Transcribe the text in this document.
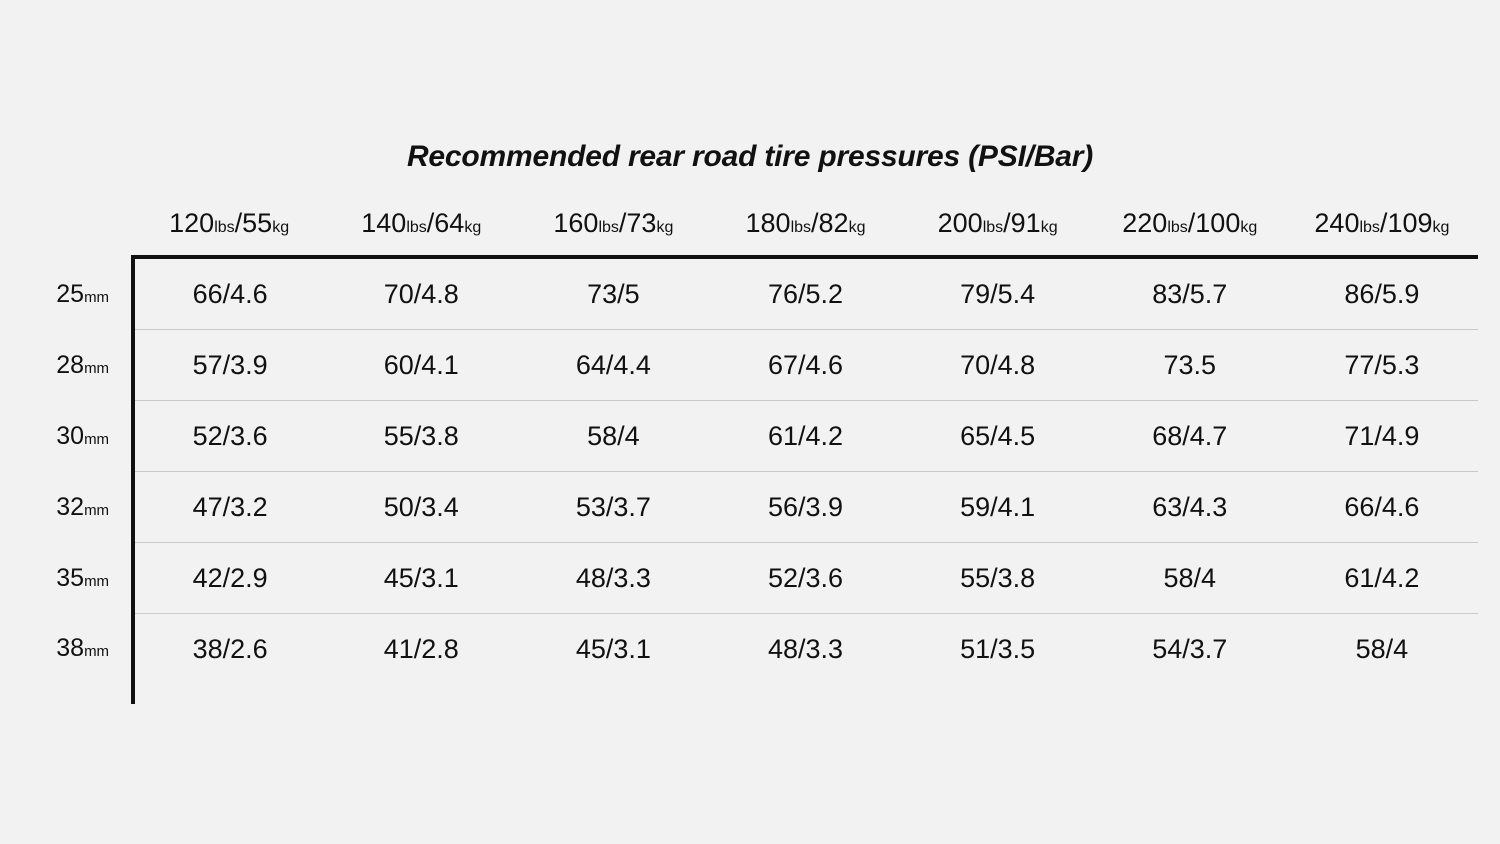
Recommended rear road tire pressures (PSI/Bar)
	120lbs/55kg	140lbs/64kg	160lbs/73kg	180lbs/82kg	200lbs/91kg	220lbs/100kg	240lbs/109kg
25mm	66/4.6	70/4.8	73/5	76/5.2	79/5.4	83/5.7	86/5.9
28mm	57/3.9	60/4.1	64/4.4	67/4.6	70/4.8	73.5	77/5.3
30mm	52/3.6	55/3.8	58/4	61/4.2	65/4.5	68/4.7	71/4.9
32mm	47/3.2	50/3.4	53/3.7	56/3.9	59/4.1	63/4.3	66/4.6
35mm	42/2.9	45/3.1	48/3.3	52/3.6	55/3.8	58/4	61/4.2
38mm	38/2.6	41/2.8	45/3.1	48/3.3	51/3.5	54/3.7	58/4
